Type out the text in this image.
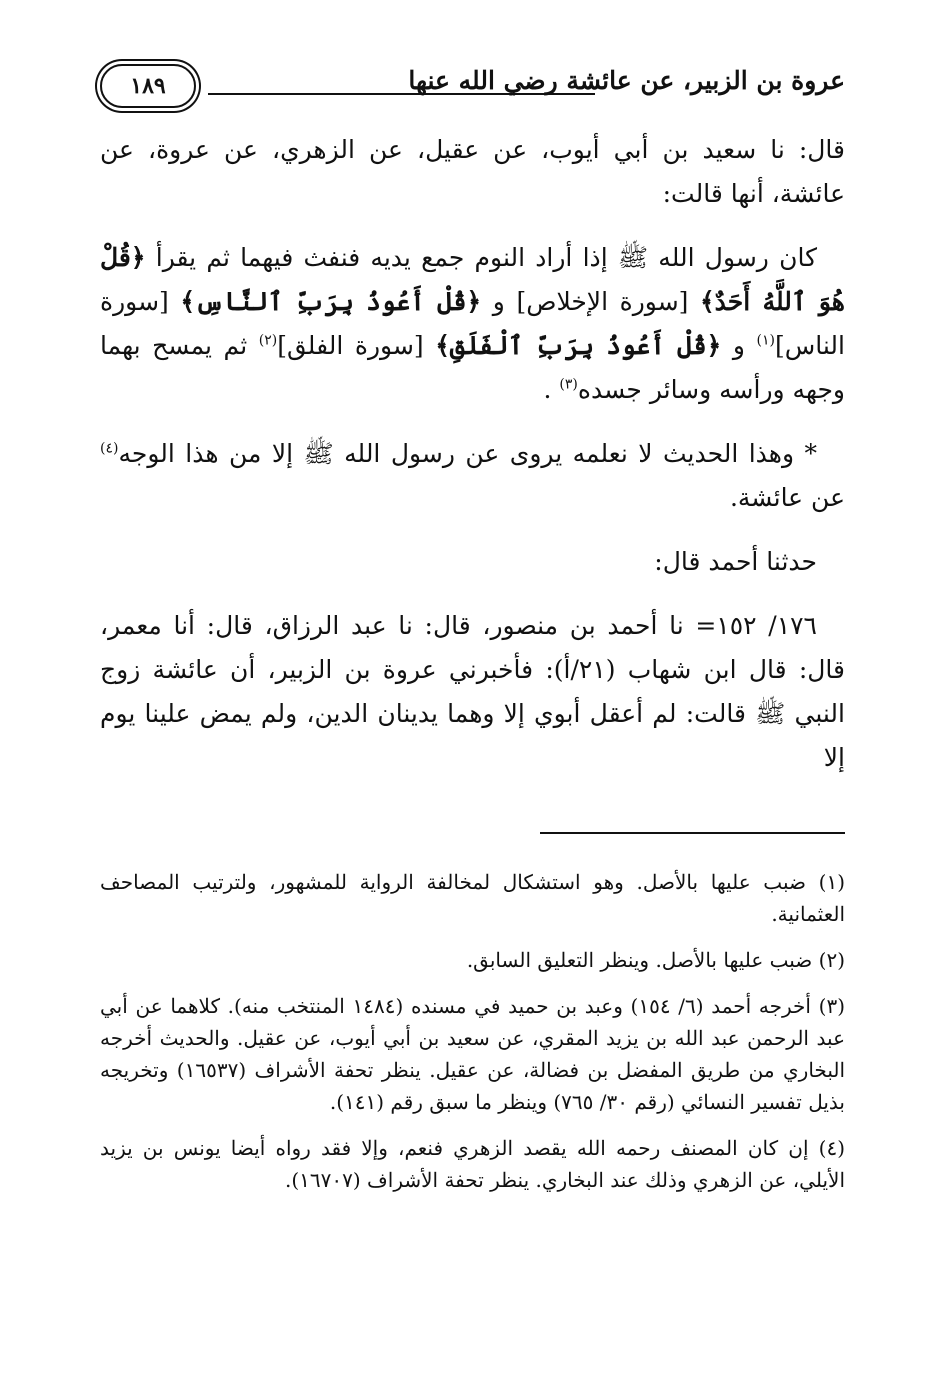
عروة بن الزبير، عن عائشة رضي الله عنها
١٨٩

قال: نا سعيد بن أبي أيوب، عن عقيل، عن الزهري، عن عروة، عن عائشة، أنها قالت:

كان رسول الله ﷺ إذا أراد النوم جمع يديه فنفث فيهما ثم يقرأ ﴿قُلْ هُوَ ٱللَّهُ أَحَدٌ﴾ [سورة الإخلاص] و ﴿قُلْ أَعُوذُ بِرَبِّ ٱلنَّاسِ﴾ [سورة الناس]$^{(١)}$ و ﴿قُلْ أَعُوذُ بِرَبِّ ٱلْفَلَقِ﴾ [سورة الفلق]$^{(٢)}$ ثم يمسح بهما وجهه ورأسه وسائر جسده$^{(٣)}$ .

* وهذا الحديث لا نعلمه يروى عن رسول الله ﷺ إلا من هذا الوجه$^{(٤)}$ عن عائشة.

حدثنا أحمد قال:

١٧٦/ ١٥٢= نا أحمد بن منصور، قال: نا عبد الرزاق، قال: أنا معمر، قال: قال ابن شهاب (٢١/أ): فأخبرني عروة بن الزبير، أن عائشة زوج النبي ﷺ قالت: لم أعقل أبوي إلا وهما يدينان الدين، ولم يمض علينا يوم إلا

(١) ضبب عليها بالأصل. وهو استشكال لمخالفة الرواية للمشهور، ولترتيب المصاحف العثمانية.

(٢) ضبب عليها بالأصل. وينظر التعليق السابق.

(٣) أخرجه أحمد (٦/ ١٥٤) وعبد بن حميد في مسنده (١٤٨٤ المنتخب منه). كلاهما عن أبي عبد الرحمن عبد الله بن يزيد المقري، عن سعيد بن أبي أيوب، عن عقيل. والحديث أخرجه البخاري من طريق المفضل بن فضالة، عن عقيل. ينظر تحفة الأشراف (١٦٥٣٧) وتخريجه بذيل تفسير النسائي (رقم ٣٠/ ٧٦٥) وينظر ما سبق رقم (١٤١).

(٤) إن كان المصنف رحمه الله يقصد الزهري فنعم، وإلا فقد رواه أيضا يونس بن يزيد الأيلي، عن الزهري وذلك عند البخاري. ينظر تحفة الأشراف (١٦٧٠٧).
